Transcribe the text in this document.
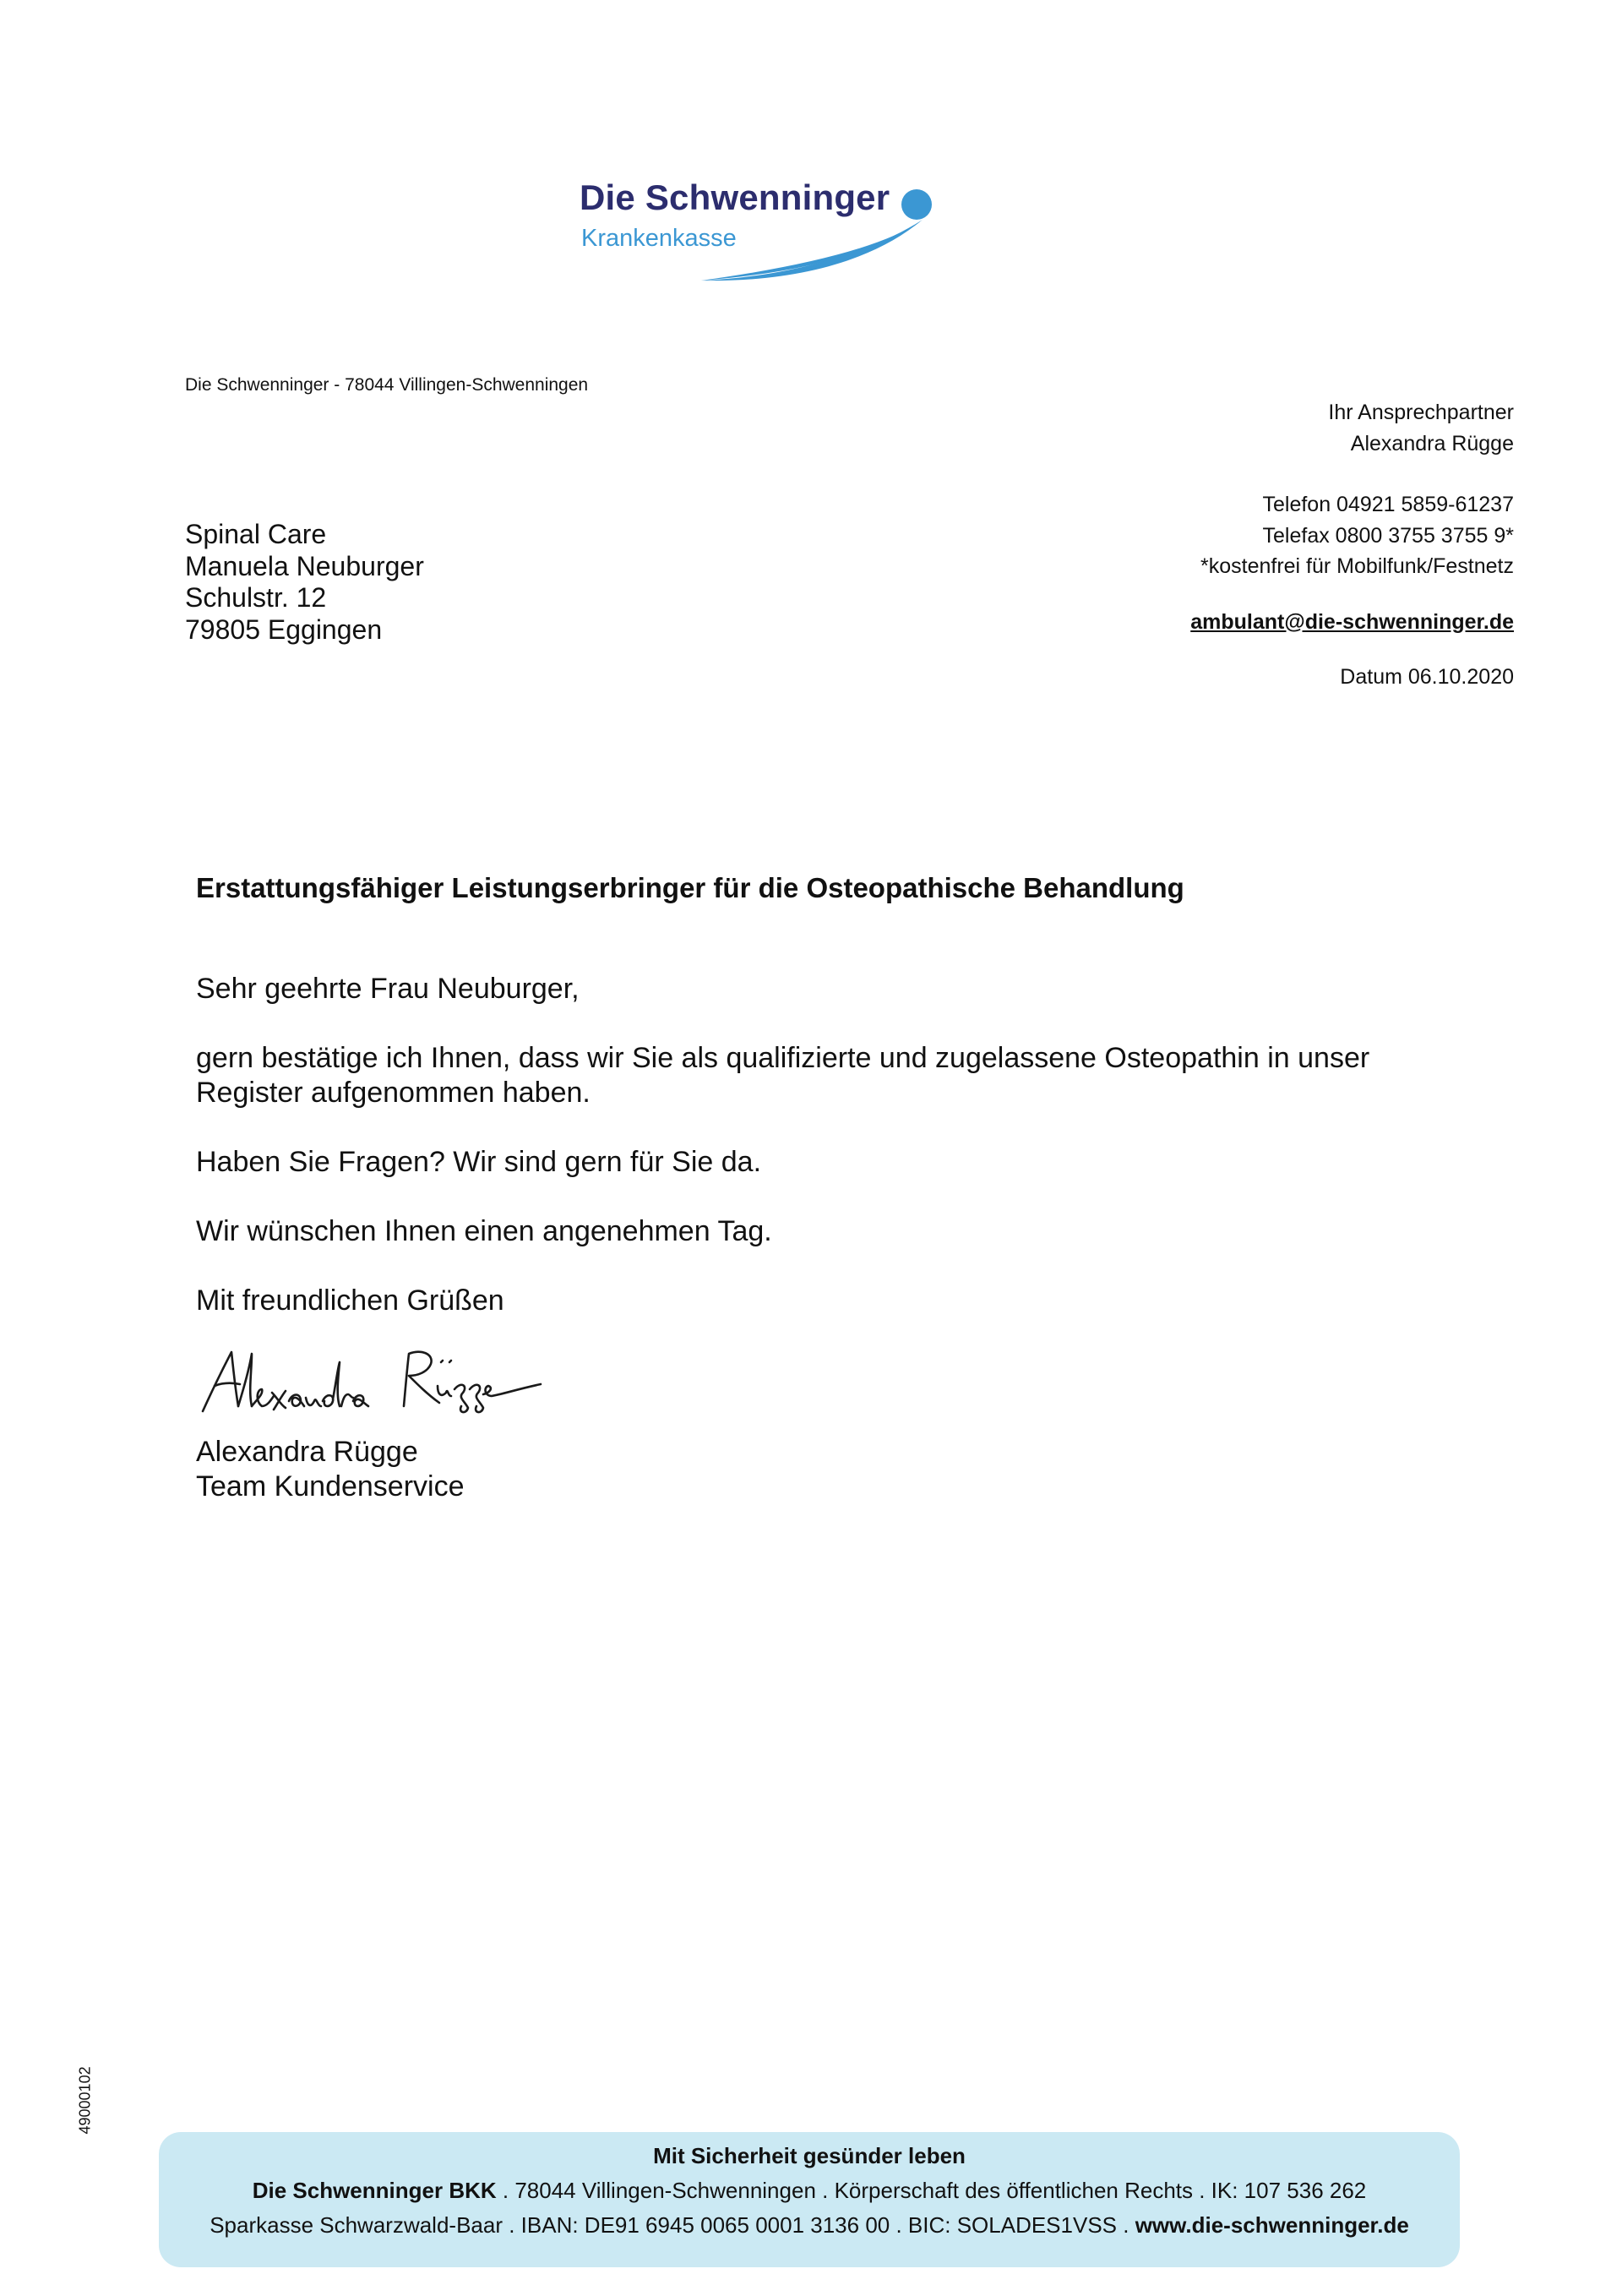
Die Schwenninger
Krankenkasse
Die Schwenninger - 78044 Villingen-Schwenningen
Spinal Care
Manuela Neuburger
Schulstr. 12
79805 Eggingen
Ihr Ansprechpartner
Alexandra Rügge
Telefon 04921 5859-61237
Telefax 0800 3755 3755 9*
*kostenfrei für Mobilfunk/Festnetz
ambulant@die-schwenninger.de
Datum 06.10.2020
Erstattungsfähiger Leistungserbringer für die Osteopathische Behandlung

Sehr geehrte Frau Neuburger,

gern bestätige ich Ihnen, dass wir Sie als qualifizierte und zugelassene Osteopathin in unser
Register aufgenommen haben.

Haben Sie Fragen? Wir sind gern für Sie da.

Wir wünschen Ihnen einen angenehmen Tag.

Mit freundlichen Grüßen

Alexandra Rügge
Team Kundenservice
49000102
Mit Sicherheit gesünder leben
Die Schwenninger BKK . 78044 Villingen-Schwenningen . Körperschaft des öffentlichen Rechts . IK: 107 536 262
Sparkasse Schwarzwald-Baar . IBAN: DE91 6945 0065 0001 3136 00 . BIC: SOLADES1VSS . www.die-schwenninger.de
